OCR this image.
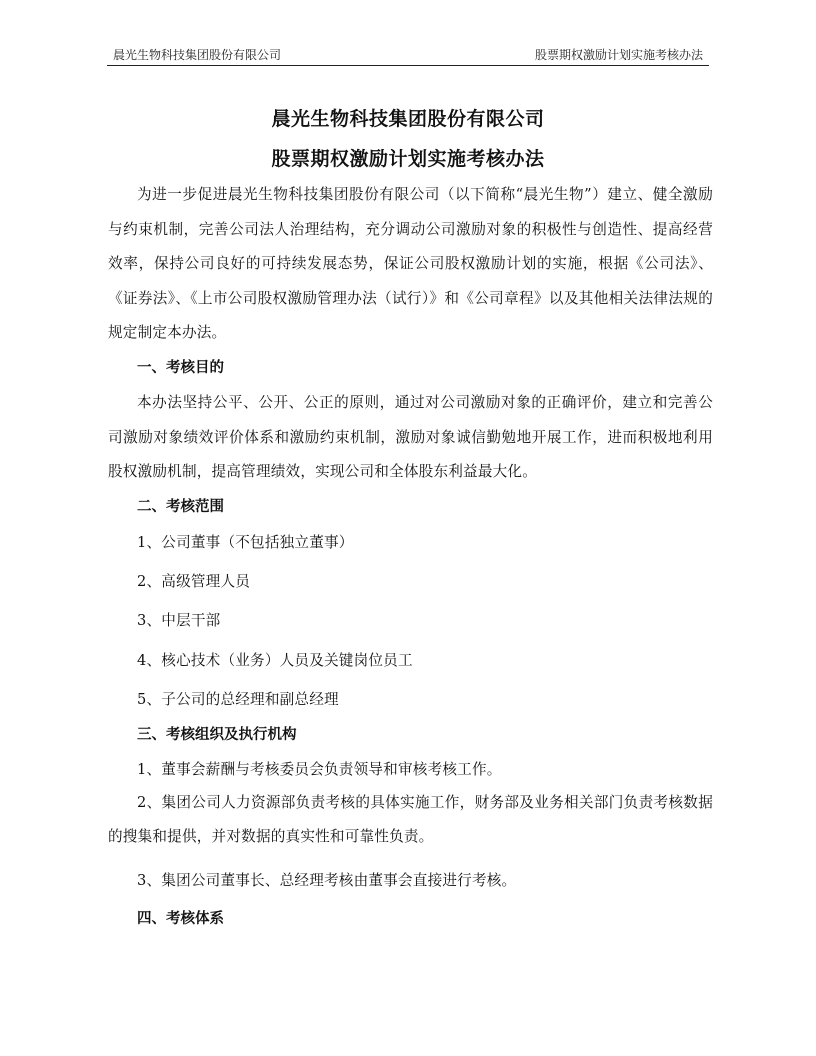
晨光生物科技集团股份有限公司	股票期权激励计划实施考核办法
晨光生物科技集团股份有限公司
股票期权激励计划实施考核办法
为进一步促进晨光生物科技集团股份有限公司（以下简称“晨光生物”）建立、健全激励与约束机制，完善公司法人治理结构，充分调动公司激励对象的积极性与创造性、提高经营效率，保持公司良好的可持续发展态势，保证公司股权激励计划的实施，根据《公司法》、《证券法》、《上市公司股权激励管理办法（试行）》和《公司章程》以及其他相关法律法规的规定制定本办法。
一、考核目的
本办法坚持公平、公开、公正的原则，通过对公司激励对象的正确评价，建立和完善公司激励对象绩效评价体系和激励约束机制，激励对象诚信勤勉地开展工作，进而积极地利用股权激励机制，提高管理绩效，实现公司和全体股东利益最大化。
二、考核范围
1、公司董事（不包括独立董事）
2、高级管理人员
3、中层干部
4、核心技术（业务）人员及关键岗位员工
5、子公司的总经理和副总经理
三、考核组织及执行机构
1、董事会薪酬与考核委员会负责领导和审核考核工作。
2、集团公司人力资源部负责考核的具体实施工作，财务部及业务相关部门负责考核数据的搜集和提供，并对数据的真实性和可靠性负责。
3、集团公司董事长、总经理考核由董事会直接进行考核。
四、考核体系
